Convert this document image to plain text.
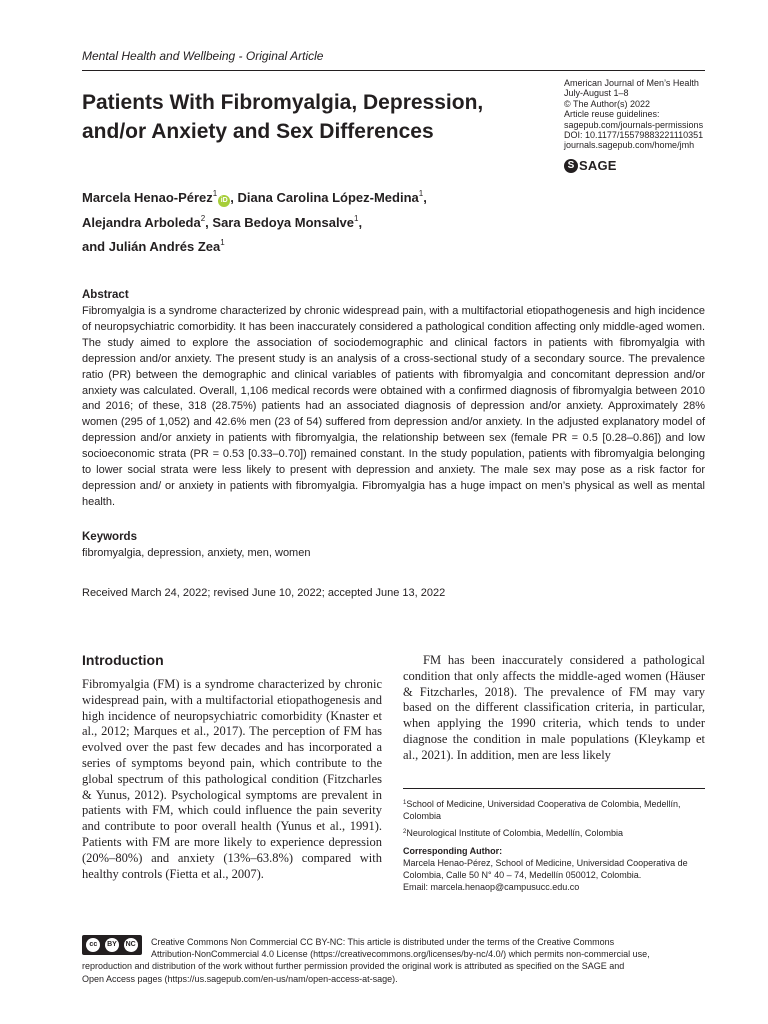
Mental Health and Wellbeing - Original Article
Patients With Fibromyalgia, Depression,
and/or Anxiety and Sex Differences
American Journal of Men’s Health
July-August 1–8
© The Author(s) 2022
Article reuse guidelines:
sagepub.com/journals-permissions
DOI: 10.1177/15579883221110351
journals.sagepub.com/home/jmh
S SAGE
Marcela Henao-Pérez$^1$iD , Diana Carolina López-Medina$^1$,
Alejandra Arboleda$^2$, Sara Bedoya Monsalve$^1$,
and Julián Andrés Zea$^1$
Abstract
Fibromyalgia is a syndrome characterized by chronic widespread pain, with a multifactorial etiopathogenesis and high incidence of neuropsychiatric comorbidity. It has been inaccurately considered a pathological condition affecting only middle-aged women. The study aimed to explore the association of sociodemographic and clinical factors in patients with fibromyalgia with depression and/or anxiety. The present study is an analysis of a cross-sectional study of a secondary source. The prevalence ratio (PR) between the demographic and clinical variables of patients with fibromyalgia and concomitant depression and/or anxiety was calculated. Overall, 1,106 medical records were obtained with a confirmed diagnosis of fibromyalgia between 2010 and 2016; of these, 318 (28.75%) patients had an associated diagnosis of depression and/or anxiety. Approximately 28% women (295 of 1,052) and 42.6% men (23 of 54) suffered from depression and/or anxiety. In the adjusted explanatory model of depression and/or anxiety in patients with fibromyalgia, the relationship between sex (female PR = 0.5 [0.28–0.86]) and low socioeconomic strata (PR = 0.53 [0.33–0.70]) remained constant. In the study population, patients with fibromyalgia belonging to lower social strata were less likely to present with depression and anxiety. The male sex may pose as a risk factor for depression and/ or anxiety in patients with fibromyalgia. Fibromyalgia has a huge impact on men’s physical as well as mental health.
Keywords
fibromyalgia, depression, anxiety, men, women
Received March 24, 2022; revised June 10, 2022; accepted June 13, 2022
Introduction
Fibromyalgia (FM) is a syndrome characterized by chronic widespread pain, with a multifactorial etiopathogenesis and high incidence of neuropsychiatric comorbidity (Knaster et al., 2012; Marques et al., 2017). The perception of FM has evolved over the past few decades and has incorporated a series of symptoms beyond pain, which contribute to the global spectrum of this pathological condition (Fitzcharles & Yunus, 2012). Psychological symptoms are prevalent in patients with FM, which could influence the pain severity and contribute to poor overall health (Yunus et al., 1991). Patients with FM are more likely to experience depression (20%–80%) and anxiety (13%–63.8%) compared with healthy controls (Fietta et al., 2007).
FM has been inaccurately considered a pathological condition that only affects the middle-aged women (Häuser & Fitzcharles, 2018). The prevalence of FM may vary based on the different classification criteria, in particular, when applying the 1990 criteria, which tends to under diagnose the condition in male populations (Kleykamp et al., 2021). In addition, men are less likely
$^1$School of Medicine, Universidad Cooperativa de Colombia, Medellín, Colombia
$^2$Neurological Institute of Colombia, Medellín, Colombia
Corresponding Author:
Marcela Henao-Pérez, School of Medicine, Universidad Cooperativa de Colombia, Calle 50 N° 40 – 74, Medellín 050012, Colombia.
Email: marcela.henaop@campusucc.edu.co
cc	BY	NC	Creative Commons Non Commercial CC BY-NC: This article is distributed under the terms of the Creative Commons
Attribution-NonCommercial 4.0 License (https://creativecommons.org/licenses/by-nc/4.0/) which permits non-commercial use,
reproduction and distribution of the work without further permission provided the original work is attributed as specified on the SAGE and
Open Access pages (https://us.sagepub.com/en-us/nam/open-access-at-sage).
